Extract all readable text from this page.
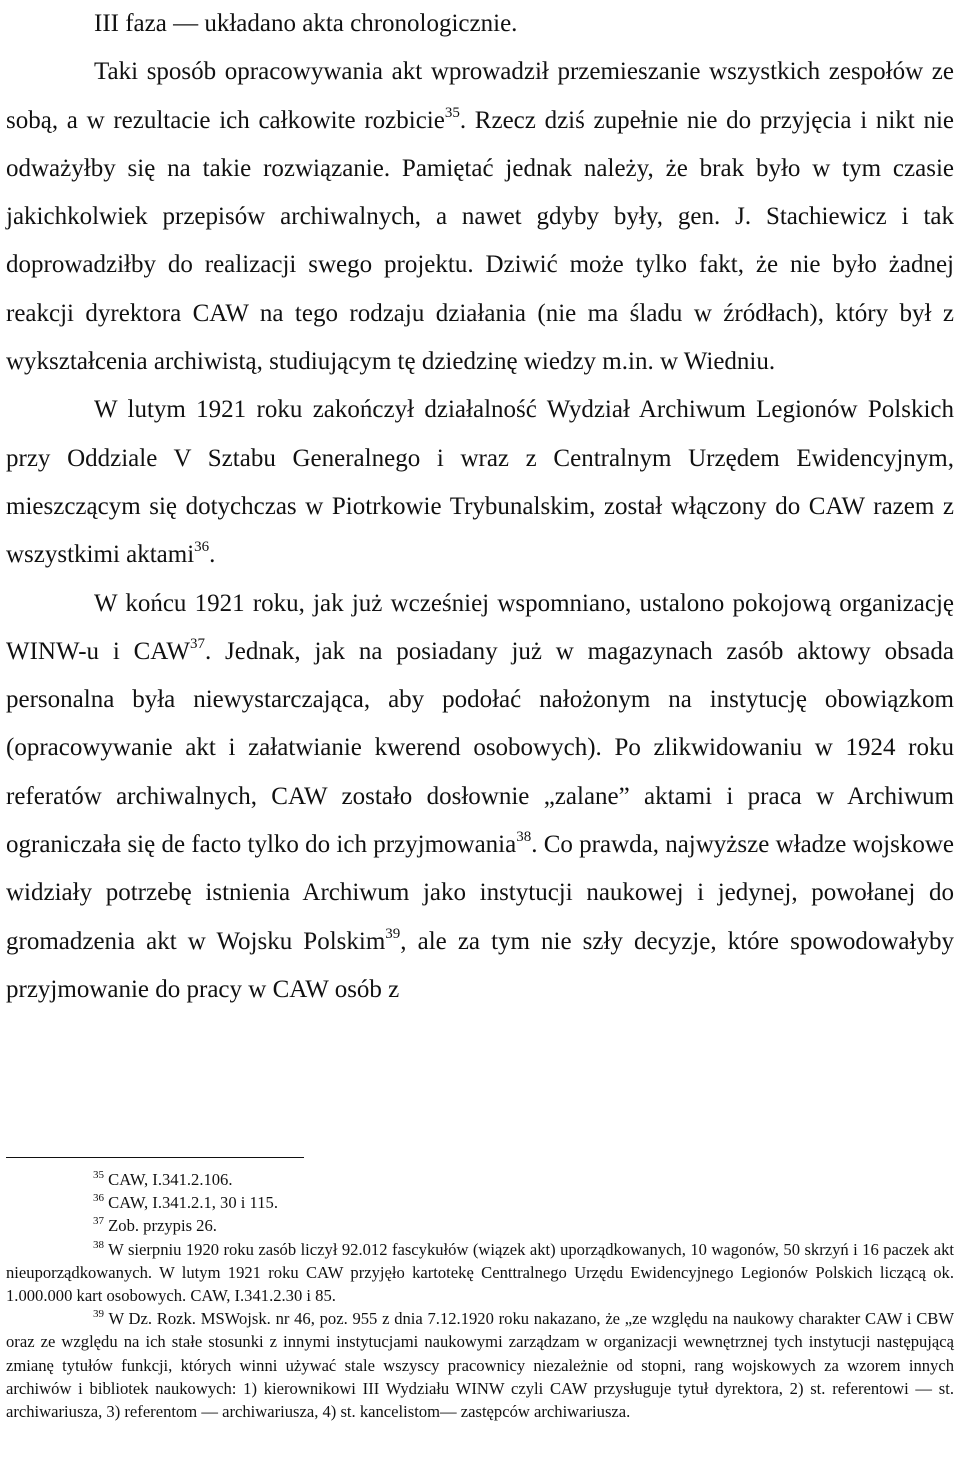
III faza — układano akta chronologicznie.

Taki sposób opracowywania akt wprowadził przemieszanie wszystkich zespołów ze sobą, a w rezultacie ich całkowite rozbicie$^{35}$. Rzecz dziś zupełnie nie do przyjęcia i nikt nie odważyłby się na takie rozwiązanie. Pamiętać jednak należy, że brak było w tym czasie jakichkolwiek przepisów archiwalnych, a nawet gdyby były, gen. J. Stachiewicz i tak doprowadziłby do realizacji swego projektu. Dziwić może tylko fakt, że nie było żadnej reakcji dyrektora CAW na tego rodzaju działania (nie ma śladu w źródłach), który był z wykształcenia archiwistą, studiującym tę dziedzinę wiedzy m.in. w Wiedniu.

W lutym 1921 roku zakończył działalność Wydział Archiwum Legionów Polskich przy Oddziale V Sztabu Generalnego i wraz z Centralnym Urzędem Ewidencyjnym, mieszczącym się dotychczas w Piotrkowie Trybunalskim, został włączony do CAW razem z wszystkimi aktami$^{36}$.

W końcu 1921 roku, jak już wcześniej wspomniano, ustalono pokojową organizację WINW-u i CAW$^{37}$. Jednak, jak na posiadany już w magazynach zasób aktowy obsada personalna była niewystarczająca, aby podołać nałożonym na instytucję obowiązkom (opracowywanie akt i załatwianie kwerend osobowych). Po zlikwidowaniu w 1924 roku referatów archiwalnych, CAW zostało dosłownie „zalane” aktami i praca w Archiwum ograniczała się de facto tylko do ich przyjmowania$^{38}$. Co prawda, najwyższe władze wojskowe widziały potrzebę istnienia Archiwum jako instytucji naukowej i jedynej, powołanej do gromadzenia akt w Wojsku Polskim$^{39}$, ale za tym nie szły decyzje, które spowodowałyby przyjmowanie do pracy w CAW osób z

$^{35}$ CAW, I.341.2.106.

$^{36}$ CAW, I.341.2.1, 30 i 115.

$^{37}$ Zob. przypis 26.

$^{38}$ W sierpniu 1920 roku zasób liczył 92.012 fascykułów (wiązek akt) uporządkowanych, 10 wagonów, 50 skrzyń i 16 paczek akt nieuporządkowanych. W lutym 1921 roku CAW przyjęło kartotekę Centtralnego Urzędu Ewidencyjnego Legionów Polskich liczącą ok. 1.000.000 kart osobowych. CAW, I.341.2.30 i 85.

$^{39}$ W Dz. Rozk. MSWojsk. nr 46, poz. 955 z dnia 7.12.1920 roku nakazano, że „ze względu na naukowy charakter CAW i CBW oraz ze względu na ich stałe stosunki z innymi instytucjami naukowymi zarządzam w organizacji wewnętrznej tych instytucji następującą zmianę tytułów funkcji, których winni używać stale wszyscy pracownicy niezależnie od stopni, rang wojskowych za wzorem innych archiwów i bibliotek naukowych: 1) kierownikowi III Wydziału WINW czyli CAW przysługuje tytuł dyrektora, 2) st. referentowi — st. archiwariusza, 3) referentom — archiwariusza, 4) st. kancelistom— zastępców archiwariusza.
